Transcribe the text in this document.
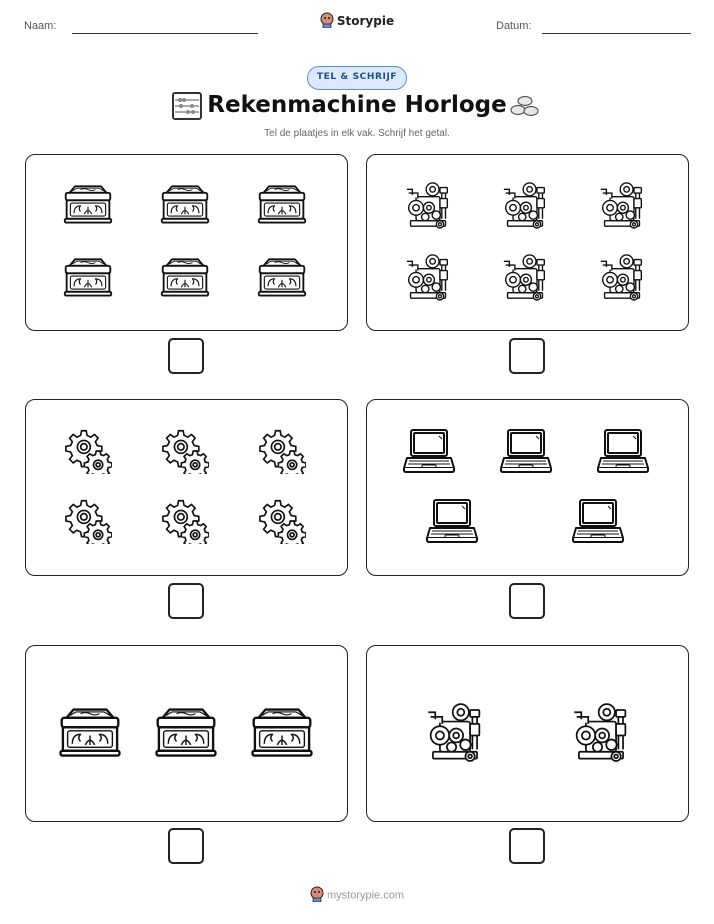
Naam:	Storypie	Datum:
TEL & SCHRIJF
Rekenmachine Horloge
Tel de plaatjes in elk vak. Schrijf het getal.
mystorypie.com
